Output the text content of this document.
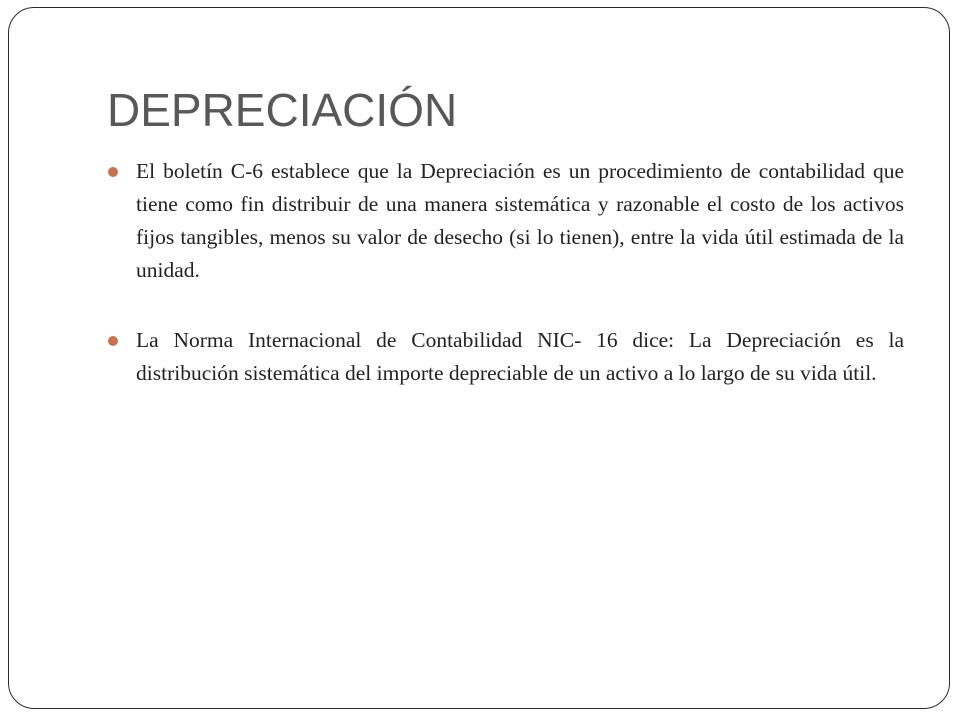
DEPRECIACIÓN
El boletín C-6 establece que la Depreciación es un procedimiento de contabilidad que tiene como fin distribuir de una manera sistemática y razonable el costo de los activos fijos tangibles, menos su valor de desecho (si lo tienen), entre la vida útil estimada de la unidad.
La Norma Internacional de Contabilidad NIC- 16 dice: La Depreciación es la distribución sistemática del importe depreciable de un activo a lo largo de su vida útil.
